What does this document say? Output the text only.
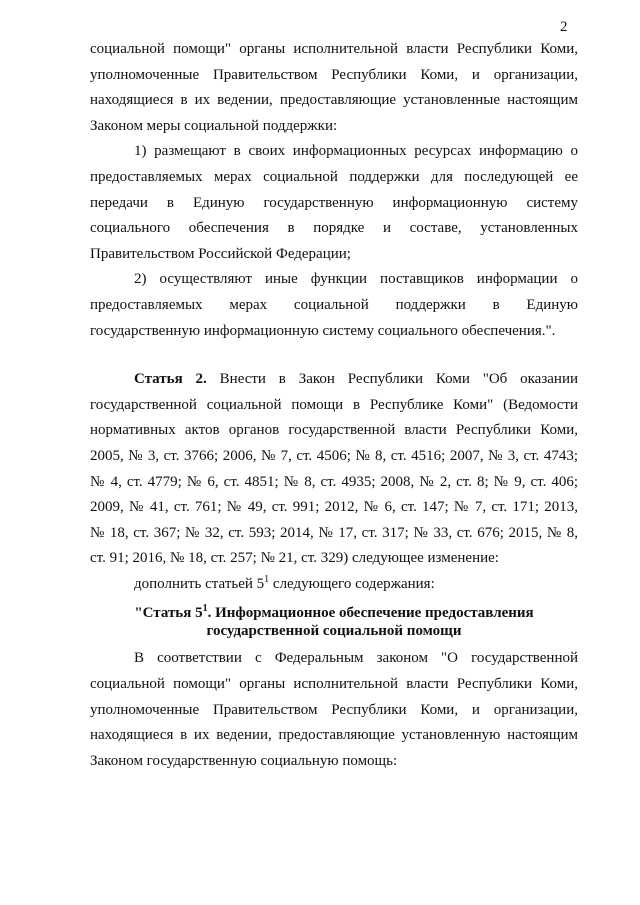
2
социальной помощи" органы исполнительной власти Республики Коми,
уполномоченные Правительством Республики Коми, и организации,
находящиеся в их ведении, предоставляющие установленные настоящим
Законом меры социальной поддержки:
1) размещают в своих информационных ресурсах информацию о
предоставляемых мерах социальной поддержки для последующей ее
передачи в Единую государственную информационную систему
социального обеспечения в порядке и составе, установленных
Правительством Российской Федерации;
2) осуществляют иные функции поставщиков информации о
предоставляемых мерах социальной поддержки в Единую
государственную информационную систему социального обеспечения.".
Статья 2. Внести в Закон Республики Коми "Об оказании
государственной социальной помощи в Республике Коми" (Ведомости
нормативных актов органов государственной власти Республики Коми,
2005, № 3, ст. 3766; 2006, № 7, ст. 4506; № 8, ст. 4516; 2007, № 3, ст. 4743;
№ 4, ст. 4779; № 6, ст. 4851; № 8, ст. 4935; 2008, № 2, ст. 8; № 9, ст. 406;
2009, № 41, ст. 761; № 49, ст. 991; 2012, № 6, ст. 147; № 7, ст. 171; 2013,
№ 18, ст. 367; № 32, ст. 593; 2014, № 17, ст. 317; № 33, ст. 676; 2015, № 8,
ст. 91; 2016, № 18, ст. 257; № 21, ст. 329) следующее изменение:
дополнить статьей $5^1$ следующего содержания:
"Статья $5^1$. Информационное обеспечение предоставления
государственной социальной помощи
В соответствии с Федеральным законом "О государственной
социальной помощи" органы исполнительной власти Республики Коми,
уполномоченные Правительством Республики Коми, и организации,
находящиеся в их ведении, предоставляющие установленную настоящим
Законом государственную социальную помощь:
